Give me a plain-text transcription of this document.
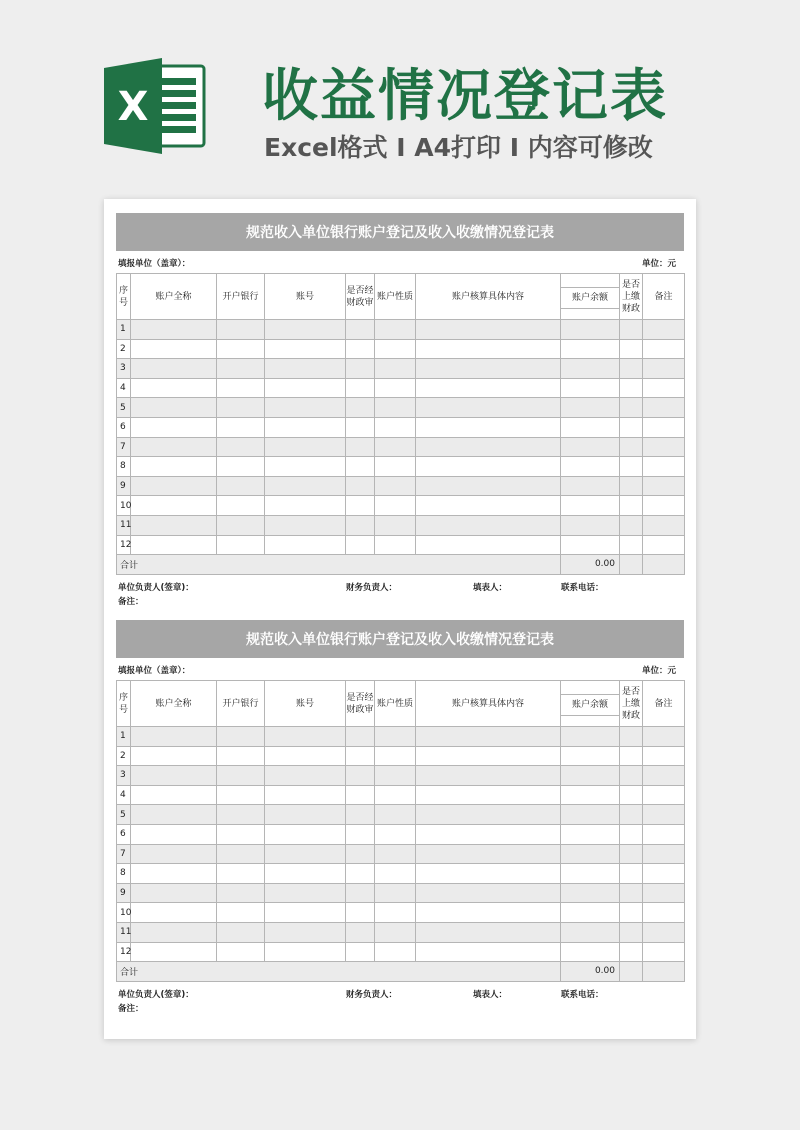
X 收益情况登记表
Excel格式 I A4打印 I 内容可修改
规范收入单位银行账户登记及收入收缴情况登记表
填报单位（盖章）：	单位：元
序号	账户全称	开户银行	账号	是否经财政审	账户性质	账户核算具体内容	账户余额	是否上缴财政	备注
1									
2									
3									
4									
5									
6									
7									
8									
9									
10									
11									
12									
合计							0.00		
单位负责人(签章)：	财务负责人：	填表人：	联系电话：
备注：
规范收入单位银行账户登记及收入收缴情况登记表
填报单位（盖章）：	单位：元
序号	账户全称	开户银行	账号	是否经财政审	账户性质	账户核算具体内容	账户余额	是否上缴财政	备注
1									
2									
3									
4									
5									
6									
7									
8									
9									
10									
11									
12									
合计							0.00		
单位负责人(签章)：	财务负责人：	填表人：	联系电话：
备注：
